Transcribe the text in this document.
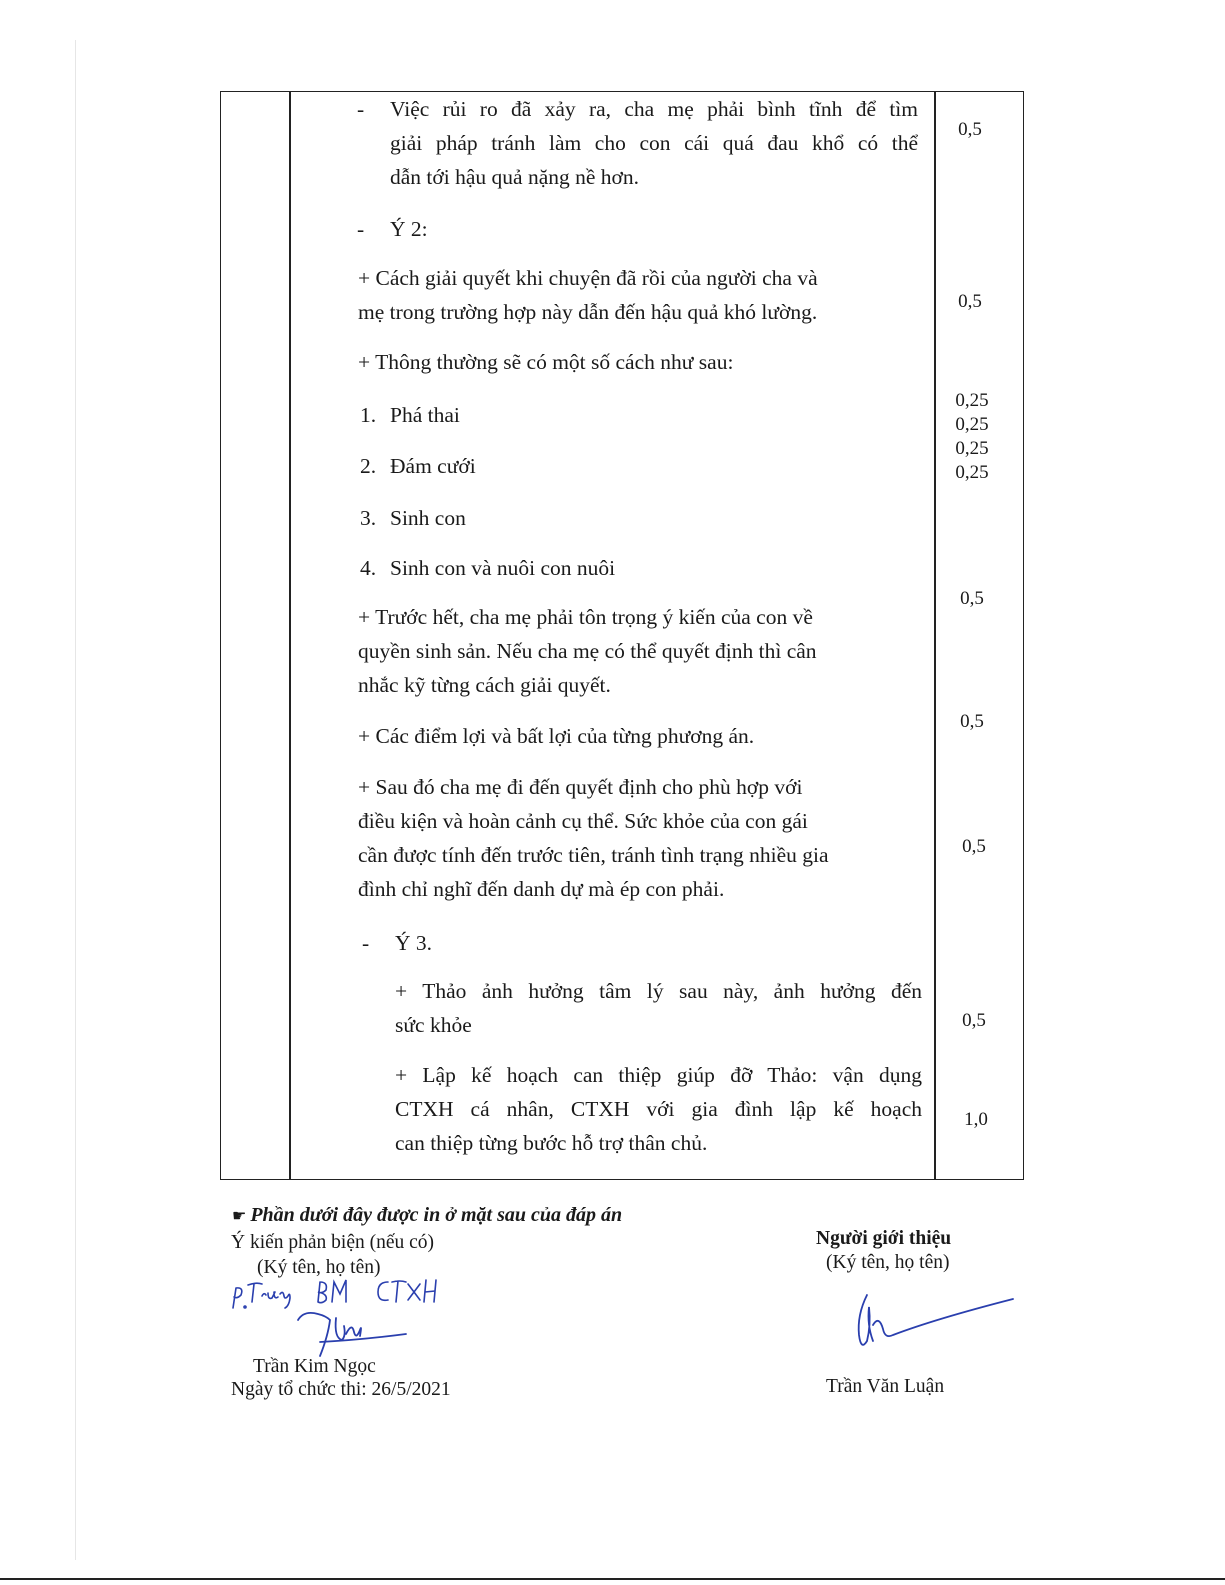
- Việc rủi ro đã xảy ra, cha mẹ phải bình tĩnh để tìm
giải pháp tránh làm cho con cái quá đau khổ có thể
dẫn tới hậu quả nặng nề hơn.
0,5
- Ý 2:
+ Cách giải quyết khi chuyện đã rồi của người cha và
mẹ trong trường hợp này dẫn đến hậu quả khó lường.	0,5
+ Thông thường sẽ có một số cách như sau:
1. Phá thai
2. Đám cưới
3. Sinh con
4. Sinh con và nuôi con nuôi
0,25
0,25
0,25
0,25
+ Trước hết, cha mẹ phải tôn trọng ý kiến của con về
quyền sinh sản. Nếu cha mẹ có thể quyết định thì cân
nhắc kỹ từng cách giải quyết.
0,5
+ Các điểm lợi và bất lợi của từng phương án.
0,5
+ Sau đó cha mẹ đi đến quyết định cho phù hợp với
điều kiện và hoàn cảnh cụ thể. Sức khỏe của con gái
cần được tính đến trước tiên, tránh tình trạng nhiều gia
đình chỉ nghĩ đến danh dự mà ép con phải.
0,5
- Ý 3.
+ Thảo ảnh hưởng tâm lý sau này, ảnh hưởng đến
sức khỏe	0,5
+ Lập kế hoạch can thiệp giúp đỡ Thảo: vận dụng
CTXH cá nhân, CTXH với gia đình lập kế hoạch
can thiệp từng bước hỗ trợ thân chủ.
1,0
☛ Phần dưới đây được in ở mặt sau của đáp án
Ý kiến phản biện (nếu có)
(Ký tên, họ tên)
Trần Kim Ngọc
Ngày tổ chức thi: 26/5/2021
Người giới thiệu
(Ký tên, họ tên)
Trần Văn Luận
